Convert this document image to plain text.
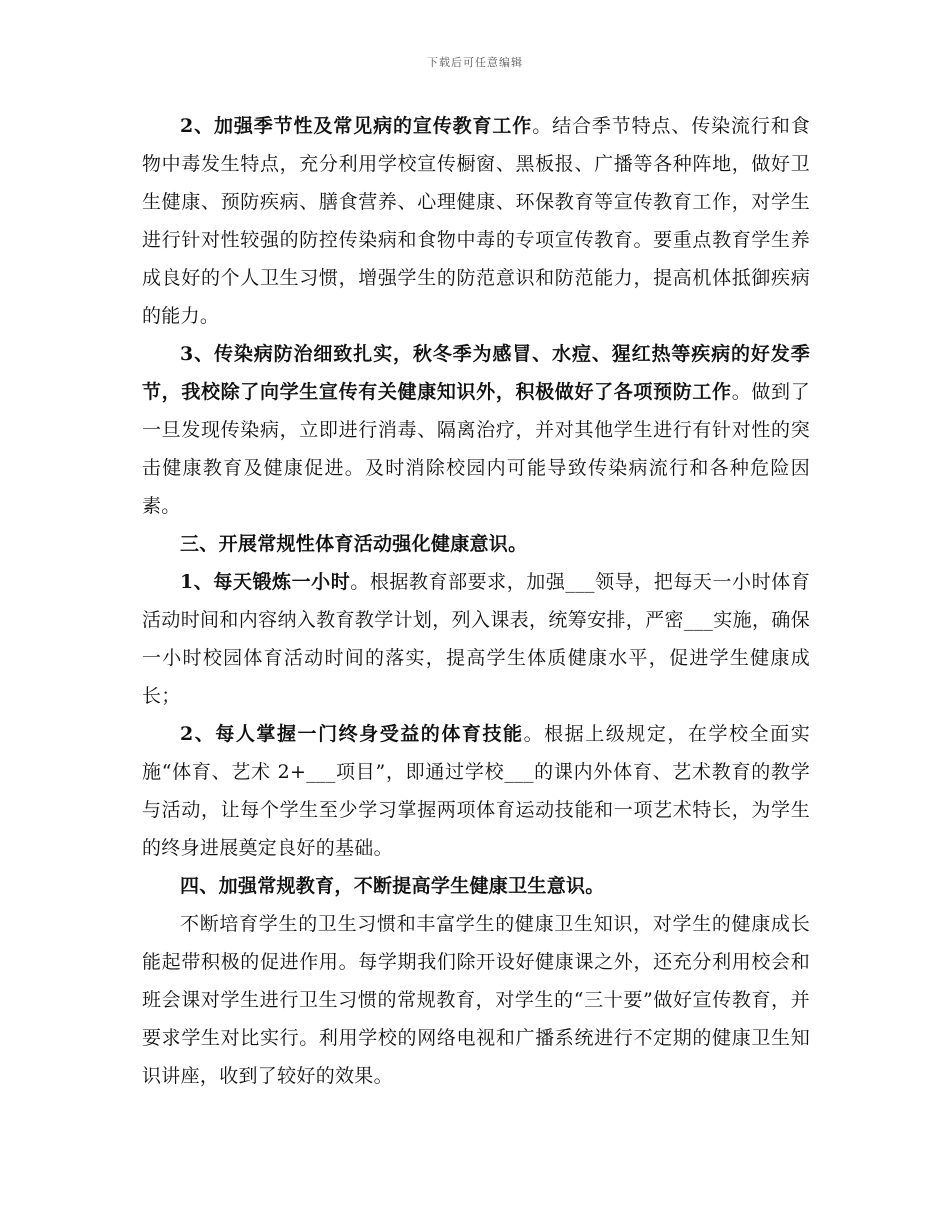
下载后可任意编辑

2、加强季节性及常见病的宣传教育工作。结合季节特点、传染流行和食物中毒发生特点，充分利用学校宣传橱窗、黑板报、广播等各种阵地，做好卫生健康、预防疾病、膳食营养、心理健康、环保教育等宣传教育工作，对学生进行针对性较强的防控传染病和食物中毒的专项宣传教育。要重点教育学生养成良好的个人卫生习惯，增强学生的防范意识和防范能力，提高机体抵御疾病的能力。

3、传染病防治细致扎实，秋冬季为感冒、水痘、猩红热等疾病的好发季节，我校除了向学生宣传有关健康知识外，积极做好了各项预防工作。做到了一旦发现传染病，立即进行消毒、隔离治疗，并对其他学生进行有针对性的突击健康教育及健康促进。及时消除校园内可能导致传染病流行和各种危险因素。

三、开展常规性体育活动强化健康意识。

1、每天锻炼一小时。根据教育部要求，加强___领导，把每天一小时体育活动时间和内容纳入教育教学计划，列入课表，统筹安排，严密___实施，确保一小时校园体育活动时间的落实，提高学生体质健康水平，促进学生健康成长；

2、每人掌握一门终身受益的体育技能。根据上级规定，在学校全面实施“体育、艺术 2+___项目”，即通过学校___的课内外体育、艺术教育的教学与活动，让每个学生至少学习掌握两项体育运动技能和一项艺术特长，为学生的终身进展奠定良好的基础。

四、加强常规教育，不断提高学生健康卫生意识。

不断培育学生的卫生习惯和丰富学生的健康卫生知识，对学生的健康成长能起带积极的促进作用。每学期我们除开设好健康课之外，还充分利用校会和班会课对学生进行卫生习惯的常规教育，对学生的“三十要”做好宣传教育，并要求学生对比实行。利用学校的网络电视和广播系统进行不定期的健康卫生知识讲座，收到了较好的效果。
